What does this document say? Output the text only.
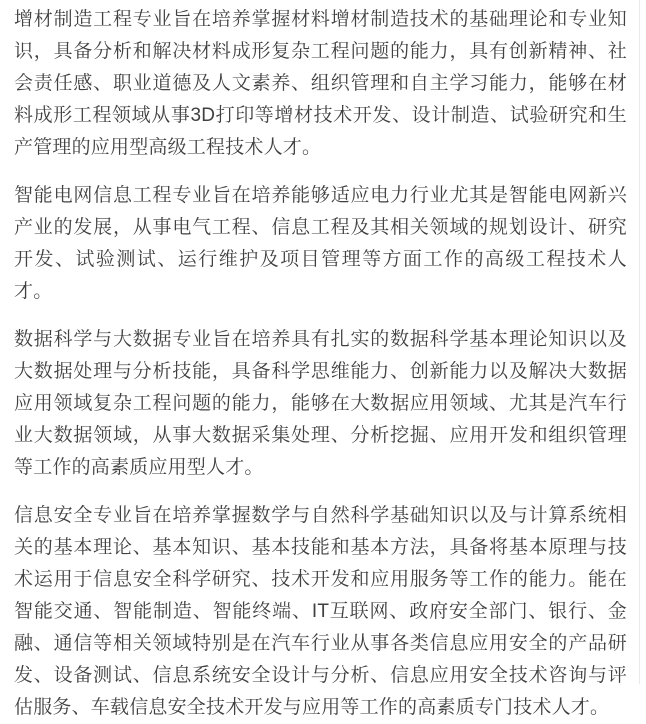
增材制造工程专业旨在培养掌握材料增材制造技术的基础理论和专业知识，具备分析和解决材料成形复杂工程问题的能力，具有创新精神、社会责任感、职业道德及人文素养、组织管理和自主学习能力，能够在材料成形工程领域从事3D打印等增材技术开发、设计制造、试验研究和生产管理的应用型高级工程技术人才。

智能电网信息工程专业旨在培养能够适应电力行业尤其是智能电网新兴产业的发展，从事电气工程、信息工程及其相关领域的规划设计、研究开发、试验测试、运行维护及项目管理等方面工作的高级工程技术人才。

数据科学与大数据专业旨在培养具有扎实的数据科学基本理论知识以及大数据处理与分析技能，具备科学思维能力、创新能力以及解决大数据应用领域复杂工程问题的能力，能够在大数据应用领域、尤其是汽车行业大数据领域，从事大数据采集处理、分析挖掘、应用开发和组织管理等工作的高素质应用型人才。

信息安全专业旨在培养掌握数学与自然科学基础知识以及与计算系统相关的基本理论、基本知识、基本技能和基本方法，具备将基本原理与技术运用于信息安全科学研究、技术开发和应用服务等工作的能力。能在智能交通、智能制造、智能终端、IT互联网、政府安全部门、银行、金融、通信等相关领域特别是在汽车行业从事各类信息应用安全的产品研发、设备测试、信息系统安全设计与分析、信息应用安全技术咨询与评估服务、车载信息安全技术开发与应用等工作的高素质专门技术人才。
